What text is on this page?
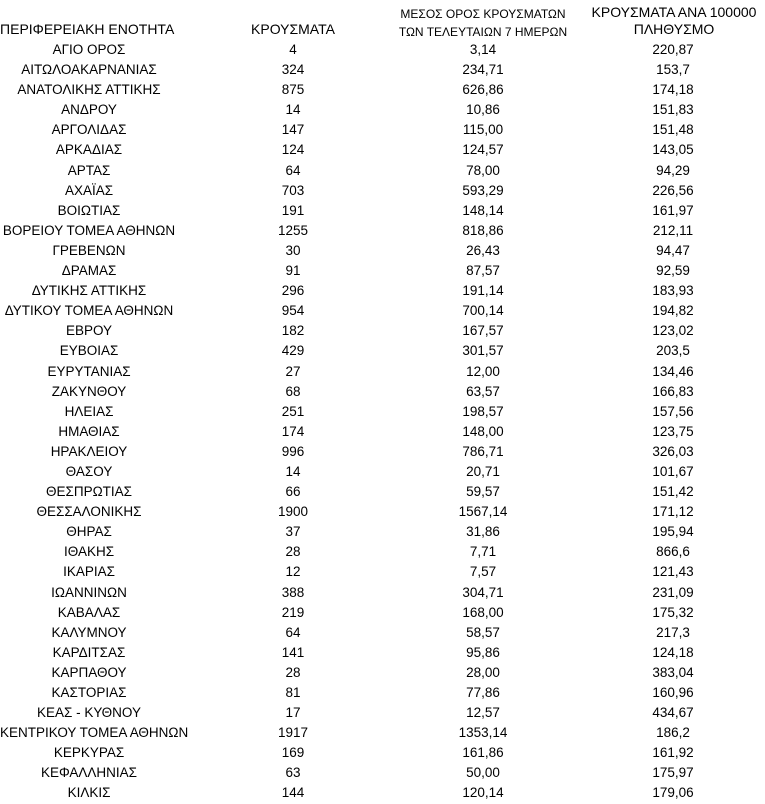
ΠΕΡΙΦΕΡΕΙΑΚΗ ΕΝΟΤΗΤΑ	ΚΡΟΥΣΜΑΤΑ
ΜΕΣΟΣ ΟΡΟΣ ΚΡΟΥΣΜΑΤΩΝ
ΤΩΝ ΤΕΛΕΥΤΑΙΩΝ 7 ΗΜΕΡΩΝ
ΚΡΟΥΣΜΑΤΑ ΑΝΑ 100000
ΠΛΗΘΥΣΜΟ
ΑΓΙΟ ΟΡΟΣ	4	3,14	220,87
ΑΙΤΩΛΟΑΚΑΡΝΑΝΙΑΣ	324	234,71	153,7
ΑΝΑΤΟΛΙΚΗΣ ΑΤΤΙΚΗΣ	875	626,86	174,18
ΑΝΔΡΟΥ	14	10,86	151,83
ΑΡΓΟΛΙΔΑΣ	147	115,00	151,48
ΑΡΚΑΔΙΑΣ	124	124,57	143,05
ΑΡΤΑΣ	64	78,00	94,29
ΑΧΑΪΑΣ	703	593,29	226,56
ΒΟΙΩΤΙΑΣ	191	148,14	161,97
ΒΟΡΕΙΟΥ ΤΟΜΕΑ ΑΘΗΝΩΝ	1255	818,86	212,11
ΓΡΕΒΕΝΩΝ	30	26,43	94,47
ΔΡΑΜΑΣ	91	87,57	92,59
ΔΥΤΙΚΗΣ ΑΤΤΙΚΗΣ	296	191,14	183,93
ΔΥΤΙΚΟΥ ΤΟΜΕΑ ΑΘΗΝΩΝ	954	700,14	194,82
ΕΒΡΟΥ	182	167,57	123,02
ΕΥΒΟΙΑΣ	429	301,57	203,5
ΕΥΡΥΤΑΝΙΑΣ	27	12,00	134,46
ΖΑΚΥΝΘΟΥ	68	63,57	166,83
ΗΛΕΙΑΣ	251	198,57	157,56
ΗΜΑΘΙΑΣ	174	148,00	123,75
ΗΡΑΚΛΕΙΟΥ	996	786,71	326,03
ΘΑΣΟΥ	14	20,71	101,67
ΘΕΣΠΡΩΤΙΑΣ	66	59,57	151,42
ΘΕΣΣΑΛΟΝΙΚΗΣ	1900	1567,14	171,12
ΘΗΡΑΣ	37	31,86	195,94
ΙΘΑΚΗΣ	28	7,71	866,6
ΙΚΑΡΙΑΣ	12	7,57	121,43
ΙΩΑΝΝΙΝΩΝ	388	304,71	231,09
ΚΑΒΑΛΑΣ	219	168,00	175,32
ΚΑΛΥΜΝΟΥ	64	58,57	217,3
ΚΑΡΔΙΤΣΑΣ	141	95,86	124,18
ΚΑΡΠΑΘΟΥ	28	28,00	383,04
ΚΑΣΤΟΡΙΑΣ	81	77,86	160,96
ΚΕΑΣ - ΚΥΘΝΟΥ	17	12,57	434,67
ΚΕΝΤΡΙΚΟΥ ΤΟΜΕΑ ΑΘΗΝΩΝ	1917	1353,14	186,2
ΚΕΡΚΥΡΑΣ	169	161,86	161,92
ΚΕΦΑΛΛΗΝΙΑΣ	63	50,00	175,97
ΚΙΛΚΙΣ	144	120,14	179,06
